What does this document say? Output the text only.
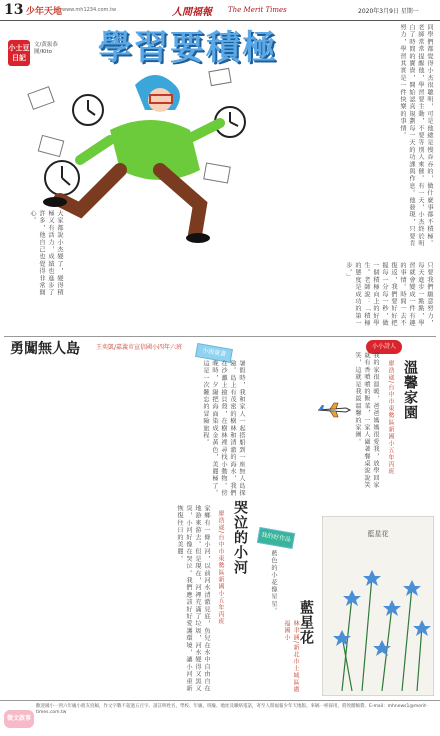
13 少年天地 www.mh1234.com.tw	人間福報 The Merit Times	2020年3月9日 星期一
小士豆日記
文/黃振恭 圖/Kito	學習要積極	同學們都覺得小杰很聰明，可是他總是慢吞吞的，做什麼事都不積極。老師常常提醒他，學習要主動，不要等別人來催。有一天，小杰終於明白了時間的寶貴，開始認真規劃每一天的功課與作息。他發現，只要肯努力，學習其實是一件快樂的事情。
大家都說小杰變了，變得積極又有活力，成績也進步了許多，他自己也覺得非常開心。
只要我們願意努力，每天進步一點點，學習就會變成一件有趣的事情。時間一去不復返，我們要好好把握每一分每一秒，做一個積極向上的好學生。老師說：「積極的態度是成功的第一步。」
勇闖無人島	王奕凱/嘉義市宣信國小四年六班	小說童畫
暑假時，我和家人一起搭船到一座無人島探險。島上有茂密的樹林和清澈的海水，我們在沙灘上撿貝殼，在樹林裡尋找小動物。傍晚時，夕陽把海面染成金黃色，美麗極了。這是一次難忘的冒險旅程。
哭泣的小河
廖浩崴/台中市東勢區新國小五年丙班
家鄉有一條小河，以前河水清澈見底，魚兒在水中自由自在地游來游去。但是現在，河裡充滿了垃圾，河水變得又黑又臭，小河好像在哭泣。我們應該好好愛護環境，讓小河重新恢復往日的美麗。
小小詩人
溫馨家園
廖浩崴/台中市東勢區新國小五年丙班
我的家很溫暖，爸爸媽媽很愛我，放學回家就有香噴噴的飯菜，一家人圍著餐桌說說笑笑，這就是我最溫馨的家園。
我的好作品
藍星花
林聿涵/新北市土城區廣福國小
藍色的小花像星星。
藍星花
徵文啟事
歡迎國小一到六年級小朋友投稿，作文字數不超過五百字。請註明姓名、學校、年級、班級、地址及聯絡電話，寄至人間福報少年天地版。來稿一經採用，將致贈稿費。E-mail：mhnews1@merit-times.com.tw
